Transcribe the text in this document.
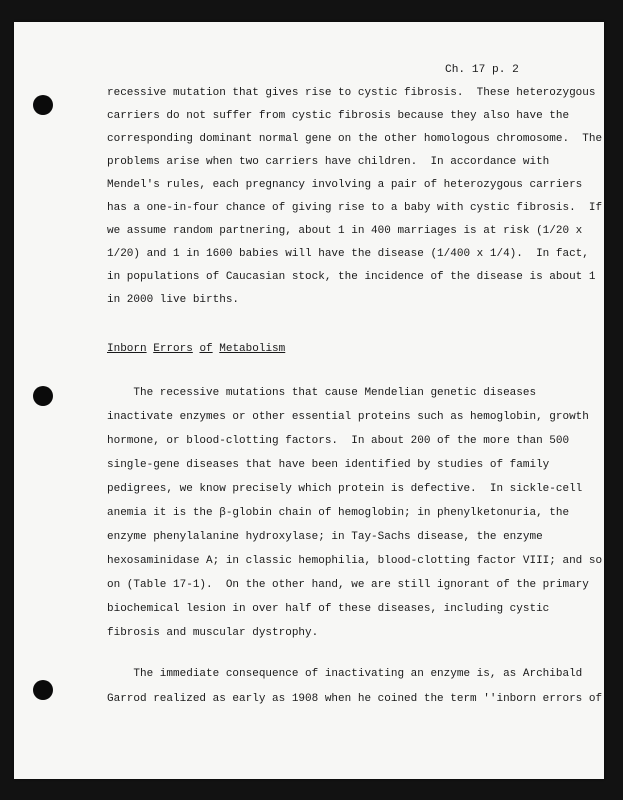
Ch. 17 p. 2
recessive mutation that gives rise to cystic fibrosis.  These heterozygous
carriers do not suffer from cystic fibrosis because they also have the
corresponding dominant normal gene on the other homologous chromosome.  The
problems arise when two carriers have children.  In accordance with
Mendel's rules, each pregnancy involving a pair of heterozygous carriers
has a one-in-four chance of giving rise to a baby with cystic fibrosis.  If
we assume random partnering, about 1 in 400 marriages is at risk (1/20 x
1/20) and 1 in 1600 babies will have the disease (1/400 x 1/4).  In fact,
in populations of Caucasian stock, the incidence of the disease is about 1
in 2000 live births.
Inborn Errors of Metabolism
The recessive mutations that cause Mendelian genetic diseases
inactivate enzymes or other essential proteins such as hemoglobin, growth
hormone, or blood-clotting factors.  In about 200 of the more than 500
single-gene diseases that have been identified by studies of family
pedigrees, we know precisely which protein is defective.  In sickle-cell
anemia it is the β-globin chain of hemoglobin; in phenylketonuria, the
enzyme phenylalanine hydroxylase; in Tay-Sachs disease, the enzyme
hexosaminidase A; in classic hemophilia, blood-clotting factor VIII; and so
on (Table 17-1).  On the other hand, we are still ignorant of the primary
biochemical lesion in over half of these diseases, including cystic
fibrosis and muscular dystrophy.
The immediate consequence of inactivating an enzyme is, as Archibald
Garrod realized as early as 1908 when he coined the term ''inborn errors of
